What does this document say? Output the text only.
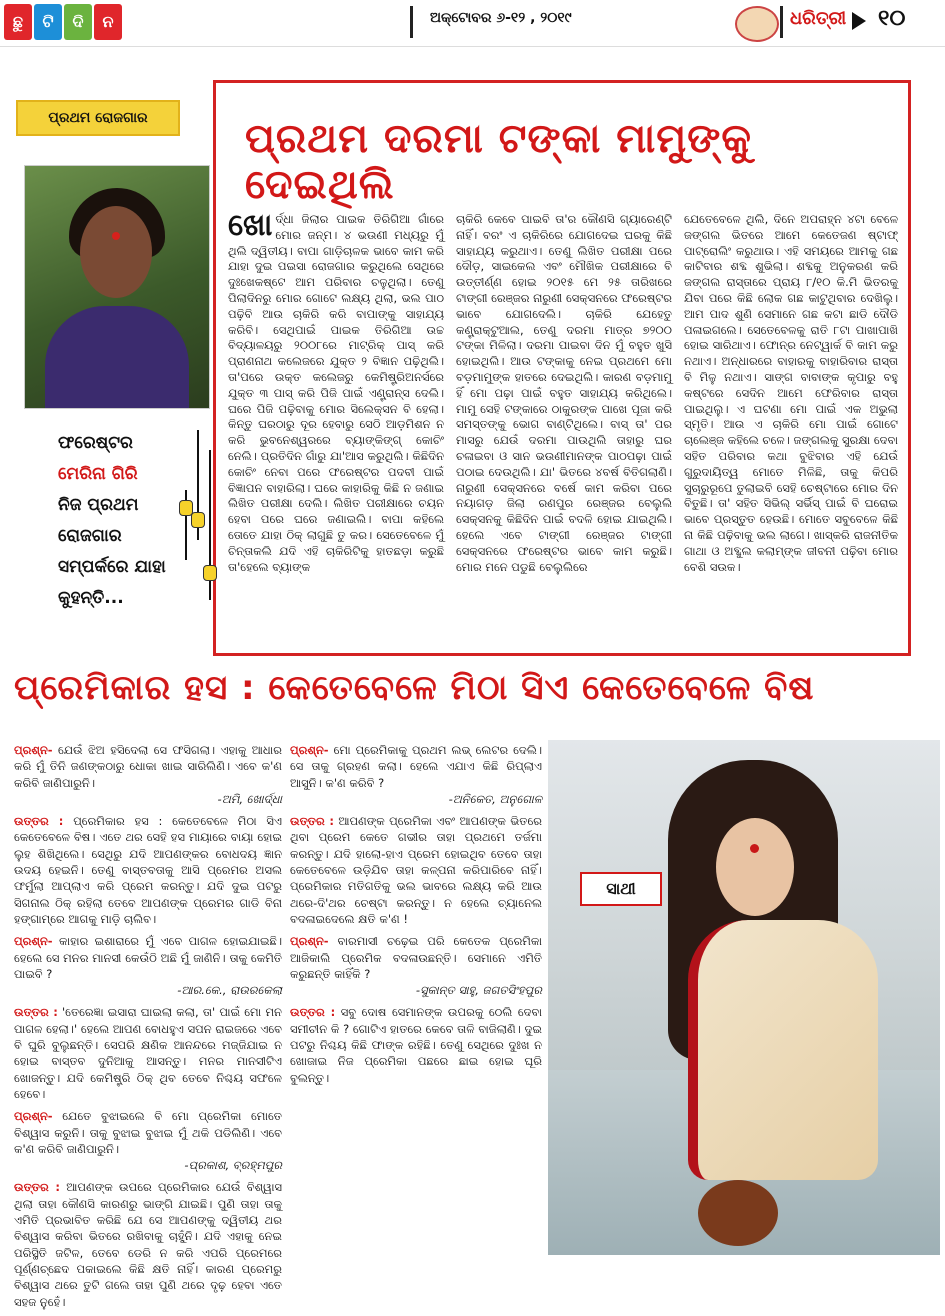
ଛୁ	ଟି	ଦି	ନ	ଅକ୍ଟୋବର ୬-୧୨ , ୨୦୧୯	ଧରିତ୍ରୀ ୧୦
ପ୍ରଥମ ରୋଜଗାର	ପ୍ରଥମ ଦରମା ଟଙ୍କା ମାମୁଙ୍କୁ ଦେଇଥିଲି
ଫରେଷ୍ଟର
ମେରିନା ଗିରି
ନିଜ ପ୍ରଥମ
ରୋଜଗାର
ସମ୍ପର୍କରେ ଯାହା
କୁହନ୍ତି...
ଖୋର୍ଦ୍ଧା ଜିଲାର ପାଇକ ତିରିଗିଆ ଗାଁରେ ମୋର ଜନ୍ମ। ୪ ଭଉଣୀ ମଧ୍ୟରୁ ମୁଁ ଥିଲି ଦ୍ୱିତୀୟ। ବାପା ଗାଡ଼ିଚାଳକ ଭାବେ କାମ କରି ଯାହା ଦୁଇ ପଇସା ରୋଜଗାର କରୁଥିଲେ ସେଥିରେ ଦୁଃଖେକଷ୍ଟେ ଆମ ପରିବାର ଚଳୁଥିଲା। ତେଣୁ ପିଲାଦିନରୁ ମୋର ଗୋଟେ ଲକ୍ଷ୍ୟ ଥିଲା, ଭଲ ପାଠ ପଢ଼ିବି ଆଉ ଚାକିରି କରି ବାପାଙ୍କୁ ସାହାଯ୍ୟ କରିବି। ସେଥିପାଇଁ ପାଇକ ତିରିଗିଆ ଉଚ୍ଚ ବିଦ୍ୟାଳୟରୁ ୨୦୦୮ରେ ମାଟ୍ରିକ୍ ପାସ୍ କରି ପ୍ରାଣନାଥ କଲେଜରେ ଯୁକ୍ତ ୨ ବିଜ୍ଞାନ ପଢ଼ିଥିଲି। ତା'ପରେ ଉକ୍ତ କଲେଜରୁ କେମିଷ୍ଟ୍ରିଅନର୍ସରେ ଯୁକ୍ତ ୩ ପାସ୍ କରି ପିଜି ପାଇଁ ଏଣ୍ଟ୍ରାନ୍ସ ଦେଲି। ଘରେ ପିଜି ପଢ଼ିବାକୁ ମୋର ସିଲେକ୍ସନ ବି ହେଲା। କିନ୍ତୁ ଘରଠାରୁ ଦୂର ହେବାରୁ ସେଠି ଆଡ଼ମିଶନ ନ କରି ଭୁବନେଶ୍ୱରରେ ବ୍ୟାଙ୍କିଙ୍ଗ୍ କୋଚିଂ ନେଲି। ପ୍ରତିଦିନ ଗାଁରୁ ଯା'ଆସ କରୁଥିଲି। କିଛିଦିନ କୋଚିଂ ନେବା ପରେ ଫରେଷ୍ଟର ପଦବୀ ପାଇଁ ବିଜ୍ଞାପନ ବାହାରିଲା। ଘରେ କାହାରିକୁ କିଛି ନ ଜଣାଇ ଲିଖିତ ପରୀକ୍ଷା ଦେଲି। ଲିଖିତ ପରୀକ୍ଷାରେ ଚୟନ ହେବା ପରେ ଘରେ ଜଣାଇଲି। ବାପା କହିଲେ ତୋତେ ଯାହା ଠିକ୍ ଲାଗୁଛି ତୁ କର। ସେତେବେଳେ ମୁଁ ଚିନ୍ତାକଲି ଯଦି ଏହି ଚାକିରିଟିକୁ ହାତଛଡ଼ା କରୁଛି ତା'ହେଲେ ବ୍ୟାଙ୍କ
ଚାକିରି କେବେ ପାଇବି ତା'ର କୌଣସି ଗ୍ୟାରେଣ୍ଟି ନାହିଁ। ବରଂ ଏ ଚାକିରିରେ ଯୋଗଦେଇ ଘରକୁ କିଛି ସାହାଯ୍ୟ କରୁଥାଏ। ତେଣୁ ଲିଖିତ ପରୀକ୍ଷା ପରେ ଦୌଡ଼, ସାଇକେଲ ଏବଂ ମୌଖିକ ପରୀକ୍ଷାରେ ବି ଉତ୍ତୀର୍ଣ୍ଣ ହୋଇ ୨୦୧୫ ମେ ୨୫ ତାରିଖରେ ଟାଙ୍ଗୀ ରେଞ୍ଜର ନାରୁଣୀ ସେକ୍ସନରେ ଫରେଷ୍ଟର ଭାବେ ଯୋଗଦେଲି। ଚାକିରି ଯେହେତୁ କଣ୍ଟ୍ରାକ୍ଟୁଆଲ, ତେଣୁ ଦରମା ମାତ୍ର ୭୨୦୦ ଟଙ୍କା ମିଳିଲା। ଦରମା ପାଇବା ଦିନ ମୁଁ ବହୁତ ଖୁସି ହୋଇଥିଲି। ଆଉ ଟଙ୍କାକୁ ନେଇ ପ୍ରଥମେ ମୋ ବଡ଼ମାମୁଙ୍କ ହାତରେ ଦେଇଥିଲି। କାରଣ ବଡ଼ମାମୁ ହିଁ ମୋ ପଢ଼ା ପାଇଁ ବହୁତ ସାହାଯ୍ୟ କରିଥିଲେ। ମାମୁ ସେହି ଟଙ୍କାରେ ଠାକୁରଙ୍କ ପାଖେ ପୂଜା କରି ସମସ୍ତଙ୍କୁ ଭୋଗ ବାଣ୍ଟିଥିଲେ। ବାସ୍ ତା' ପର ମାସରୁ ଯେଉଁ ଦରମା ପାଉଥିଲି ତାହାରୁ ଘର ଚଳାଇବା ଓ ସାନ ଭଉଣୀମାନଙ୍କ ପାଠପଢ଼ା ପାଇଁ ପଠାଇ ଦେଉଥିଲି। ଯା' ଭିତରେ ୪ବର୍ଷ ବିତିଗଲାଣି। ନାରୁଣୀ ସେକ୍ସନରେ ବର୍ଷେ କାମ କରିବା ପରେ ନୟାଗଡ଼ ଜିଲା ରଣପୁର ରେଞ୍ଜର ବେଲୁଲି ସେକ୍ସନକୁ କିଛିଦିନ ପାଇଁ ବଦଳି ହୋଇ ଯାଇଥିଲି। ହେଲେ ଏବେ ଟାଙ୍ଗୀ ରେଞ୍ଜର ଟାଙ୍ଗୀ ସେକ୍ସନରେ ଫରେଷ୍ଟର ଭାବେ କାମ କରୁଛି। ମୋର ମନେ ପଡୁଛି ବେଲୁଲିରେ
ଯେତେବେଳେ ଥିଲି, ଦିନେ ଅପରାହ୍ନ ୪ଟା ବେଳେ ଜଙ୍ଗଲ ଭିତରେ ଆମେ କେତେଜଣ ଷ୍ଟାଫ୍ ପାଟ୍ରୋଲିଂ କରୁଥାଉ। ଏହି ସମୟରେ ଆମକୁ ଗଛ କାଟିବାର ଶବ୍ଦ ଶୁଭିଲା। ଶବ୍ଦକୁ ଅନୁକରଣ କରି ଜଙ୍ଗଲ ରାସ୍ତାରେ ପ୍ରାୟ ୮/୧୦ କି.ମି ଭିତରକୁ ଯିବା ପରେ କିଛି ଲୋକ ଗଛ କାଟୁଥିବାର ଦେଖିଲୁ। ଆମ ପାଦ ଶୁଣି ସେମାନେ ଗଛ କଟା ଛାଡି ଦୌଡି ପଳାଇଗଲେ। ସେତେବେଳକୁ ରାତି ୮ଟା ପାଖାପାଖି ହୋଇ ସାରିଥାଏ। ଫୋନ୍‌ର ନେଟ୍‌ୱାର୍କ ବି କାମ କରୁ ନଥାଏ। ଅନ୍ଧାରରେ ବାହାରକୁ ବାହାରିବାର ରାସ୍ତା ବି ମିଳୁ ନଥାଏ। ସାଙ୍ଗ ବାବାଙ୍କ କୃପାରୁ ବହୁ କଷ୍ଟରେ ସେଦିନ ଆମେ ଫେରିବାର ରାସ୍ତା ପାଇଥିଲୁ। ଏ ଘଟଣା ମୋ ପାଇଁ ଏକ ଅଭୁଲା ସ୍ମୃତି। ଆଉ ଏ ଚାକିରି ମୋ ପାଇଁ ଗୋଟେ ଚାଲେଞ୍ଜ କହିଲେ ଚଳେ। ଜଙ୍ଗଲକୁ ସୁରକ୍ଷା ଦେବା ସହିତ ପରିବାର କଥା ବୁଝିବାର ଏହି ଯେଉଁ ଗୁରୁଦାୟିତ୍ୱ ମୋତେ ମିଳିଛି, ତାକୁ କିପରି ସୁଚାରୁରୂପେ ତୁଲାଇବି ସେହି ଚେଷ୍ଟାରେ ମୋର ଦିନ ବିତୁଛି। ତା' ସହିତ ସିଭିଲ୍ ସର୍ଭିସ୍ ପାଇଁ ବି ଘରୋଇ ଭାବେ ପ୍ରସ୍ତୁତ ହେଉଛି। ମୋତେ ସବୁବେଳେ କିଛି ନା କିଛି ପଢ଼ିବାକୁ ଭଲ ଲାଗେ। ଖାସ୍‌କରି ରାଜନୀତିକ ଗାଥା ଓ ଅବ୍ଦୁଲ କଲାମ୍‌ଙ୍କ ଜୀବନୀ ପଢ଼ିବା ମୋର ବେଶି ସଉକ।
ପ୍ରେମିକାର ହସ : କେତେବେଳେ ମିଠା ସିଏ କେତେବେଳେ ବିଷ

ପ୍ରଶ୍ନ- ଯେଉଁ ଝିଅ ହସିଦେଲା ସେ ଫସିଗଲା। ଏହାକୁ ଆଧାର କରି ମୁଁ ତିନି ଜଣଙ୍କଠାରୁ ଧୋକା ଖାଇ ସାରିଲିଣି। ଏବେ କ'ଣ କରିବି ଜାଣିପାରୁନି।
-ଅମି, ଖୋର୍ଦ୍ଧା

ଉତ୍ତର : ପ୍ରେମିକାର ହସ : କେତେବେଳେ ମିଠା ସିଏ କେତେବେଳେ ବିଷ। ଏତେ ଥର ସେହି ହସ ମାୟାରେ ବାୟା ହୋଇ ଲୁହ ଶିଖିଥିଲେ। ସେଥିରୁ ଯଦି ଆପଣଙ୍କର ବୋଧଦୟ ଜ୍ଞାନ ଉଦୟ ହେଇନି। ତେଣୁ ବାସ୍ତବତାକୁ ଆସି ପ୍ରେମର ଅସଲ ଫର୍ମୁଲା ଆପ୍ଲାଏ କରି ପ୍ରେମ କରନ୍ତୁ। ଯଦି ଦୁଇ ପଟରୁ ସିଗନାଲ ଠିକ୍ ରହିଲା ତେବେ ଆପଣଙ୍କ ପ୍ରେମର ଗାଡି ବିନା ହଙ୍ଗାମ୍ରେ ଆଗକୁ ମାଡ଼ି ଚାଲିବ।

ପ୍ରଶ୍ନ- କାହାର ଇଶାରାରେ ମୁଁ ଏବେ ପାଗଳ ହୋଇଯାଇଛି। ହେଲେ ସେ ମନର ମାନସୀ କେଉଁଠି ଅଛି ମୁଁ ଜାଣିନି। ତାକୁ କେମିତି ପାଇବି ?
-ଆର.କେ., ରାଉରକେଲା

ଉତ୍ତର : 'ତେରେଜ୍ଞା ଇସାରା ଘାଇଲା କଲା, ତା' ପାଇଁ ମୋ ମନ ପାଗଳ ହେଲା।' ହେଲେ ଆପଣ ବୋଧହୁଏ ସପନ ରାଇଜରେ ଏବେ ବି ଘୁରି ବୁଲୁଛନ୍ତି। ସେପରି କ୍ଷଣିକ ଆନନ୍ଦରେ ମଜ୍ଜିଯାଇ ନ ହୋଇ ବାସ୍ତବ ଦୁନିଆକୁ ଆସନ୍ତୁ। ମନର ମାନସୀଟିଏ ଖୋଜନ୍ତୁ। ଯଦି କେମିଷ୍ଟ୍ରି ଠିକ୍ ଥିବ ତେବେ ନିଶ୍ଚୟ ସଫଳେ ହେବେ।

ପ୍ରଶ୍ନ- ଯେତେ ବୁଝାଇଲେ ବି ମୋ ପ୍ରେମିକା ମୋତେ ବିଶ୍ୱାସ କରୁନି। ତାକୁ ବୁଝାଇ ବୁଝାଇ ମୁଁ ଥକି ପଡିଲିଣି। ଏବେ କ'ଣ କରିବି ଜାଣିପାରୁନି।
-ପ୍ରକାଶ, ବ୍ରହ୍ମପୁର

ଉତ୍ତର : ଆପଣଙ୍କ ଉପରେ ପ୍ରେମିକାର ଯେଉଁ ବିଶ୍ୱାସ ଥିଲା ତାହା କୌଣସି କାରଣରୁ ଭାଙ୍ଗି ଯାଇଛି। ପୁଣି ତାହା ତାକୁ ଏମିତି ପ୍ରଭାବିତ କରିଛି ଯେ ସେ ଆପଣଙ୍କୁ ଦ୍ୱିତୀୟ ଥର ବିଶ୍ୱାସ କରିବା ଭିତରେ ରଖିବାକୁ ଚାହୁଁନି। ଯଦି ଏହାକୁ ନେଇ ପରିସ୍ଥିତି ଜଟିଳ, ତେବେ ଡେରି ନ କରି ଏପରି ପ୍ରେମରେ ପୂର୍ଣ୍ଣଚ୍ଛେଦ ପକାଇଲେ କିଛି କ୍ଷତି ନାହିଁ। କାରଣ ପ୍ରେମରୁ ବିଶ୍ୱାସ ଥରେ ତୁଟି ଗଲେ ତାହା ପୁଣି ଥରେ ଦୃଢ଼ ହେବା ଏତେ ସହଜ ନୁହେଁ।

ପ୍ରଶ୍ନ- ମୋ ପ୍ରେମିକାକୁ ପ୍ରଥମ ଲଭ୍ ଲେଟର ଦେଲି। ସେ ତାକୁ ଗ୍ରହଣ କଲା। ହେଲେ ଏଯାଏ କିଛି ରିପ୍ଲାଏ ଆସୁନି। କ'ଣ କରିବି ?
-ଅନିକେତ, ଅନୁଗୋଳ

ଉତ୍ତର : ଆପଣଙ୍କ ପ୍ରେମିକା ଏବଂ ଆପଣଙ୍କ ଭିତରେ ଥିବା ପ୍ରେମ କେତେ ଗଭୀର ତାହା ପ୍ରଥମେ ତର୍ଜମା କରନ୍ତୁ। ଯଦି ହାଲୋ-ହାଏ ପ୍ରେମ ହୋଇଥିବ ତେବେ ତାହା କେତେବେଳେ ଉଡ଼ିଯିବ ତାହା କଳ୍ପନା କରିପାରିବେ ନାହିଁ। ପ୍ରେମିକାର ମତିଗତିକୁ ଭଲ ଭାବରେ ଲକ୍ଷ୍ୟ କରି ଆଉ ଥରେ-ଦି'ଥର ଚେଷ୍ଟା କରନ୍ତୁ। ନ ହେଲେ ଚ୍ୟାନେଲ ବଦଳାଇଦେଲେ କ୍ଷତି କ'ଣ !

ପ୍ରଶ୍ନ- ବାରମାସୀ ଚଢ଼େଇ ପରି କେତେକ ପ୍ରେମିକା ଆଜିକାଲି ପ୍ରେମିକ ବଦଳାଉଛନ୍ତି। ସେମାନେ ଏମିତି କରୁଛନ୍ତି କାହିଁକି ?
-ସୁକାନ୍ତ ସାହୁ, ଜଗତସିଂହପୁର

ଉତ୍ତର : ସବୁ ଦୋଷ ସେମାନଙ୍କ ଉପରକୁ ଠେଲି ଦେବା ସମୀଚୀନ କି ? ଗୋଟିଏ ହାତରେ କେବେ ତାଳି ବାଜିଲାଣି। ଦୁଇ ପଟରୁ ନିଶ୍ଚୟ କିଛି ଫାଙ୍କ ରହିଛି। ତେଣୁ ସେଥିରେ ଦୁଃଖ ନ ଖୋଜାଇ ନିଜ ପ୍ରେମିକା ପଛରେ ଛାଇ ହୋଇ ଘୂରି ବୁଲନ୍ତୁ।

ସାଥୀ
